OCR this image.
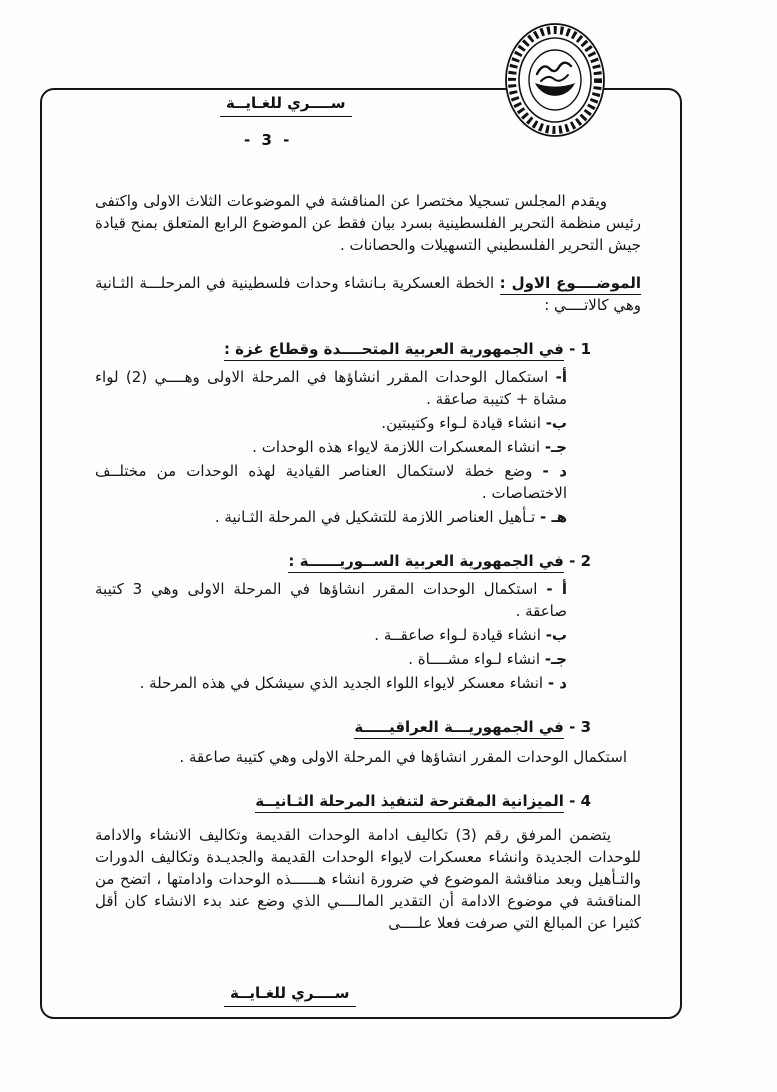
ســــري للغـايــة
- 3 -

ويقدم المجلس تسجيلا مختصرا عن المناقشة في الموضوعات الثلاث الاولى واكتفى رئيس منظمة التحرير الفلسطينية بسرد بيان فقط عن الموضوع الرابع المتعلق بمنح قيادة جيش التحرير الفلسطيني التسهيلات والحصانات .

الموضــــوع الاول : الخطة العسكرية بـانشاء وحدات فلسطينية في المرحلـــة الثـانية وهي كالاتــــي :

1 - في الجمهورية العربية المتحــــدة وقطاع غزة :
أ- استكمال الوحدات المقرر انشاؤها في المرحلة الاولى وهــــي (2) لواء مشاة + كتيبة صاعقة .
ب- انشاء قيادة لـواء وكتيبتين.
جـ- انشاء المعسكرات اللازمة لايواء هذه الوحدات .
د - وضع خطة لاستكمال العناصر القيادية لهذه الوحدات من مختلــف الاختصاصات .
هـ - تـأهيل العناصر اللازمة للتشكيل في المرحلة الثـانية .
2 - في الجمهورية العربية الســوريــــــة :
أ - استكمال الوحدات المقرر انشاؤها في المرحلة الاولى وهي 3 كتيبة صاعقة .
ب- انشاء قيادة لـواء صاعقــة .
جـ- انشاء لـواء مشــــاة .
د - انشاء معسكر لايواء اللواء الجديد الذي سيشكل في هذه المرحلة .
3 - في الجمهوريـــة العراقيـــــة

استكمال الوحدات المقرر انشاؤها في المرحلة الاولى وهي كتيبة صاعقة .

4 - الميزانية المقترحة لتنفيذ المرحلة الثـانيــة

يتضمن المرفق رقم (3) تكاليف ادامة الوحدات القديمة وتكاليف الانشاء والادامة للوحدات الجديدة وانشاء معسكرات لايواء الوحدات القديمة والجديـدة وتكاليف الدورات والتـأهيل وبعد مناقشة الموضوع في ضرورة انشاء هــــــذه الوحدات وادامتها ، اتضح من المناقشة في موضوع الادامة أن التقدير المالــــي الذي وضع عند بدء الانشاء كان أقل كثيرا عن المبالغ التي صرفت فعلا علــــى

ســــري للغـايــة
